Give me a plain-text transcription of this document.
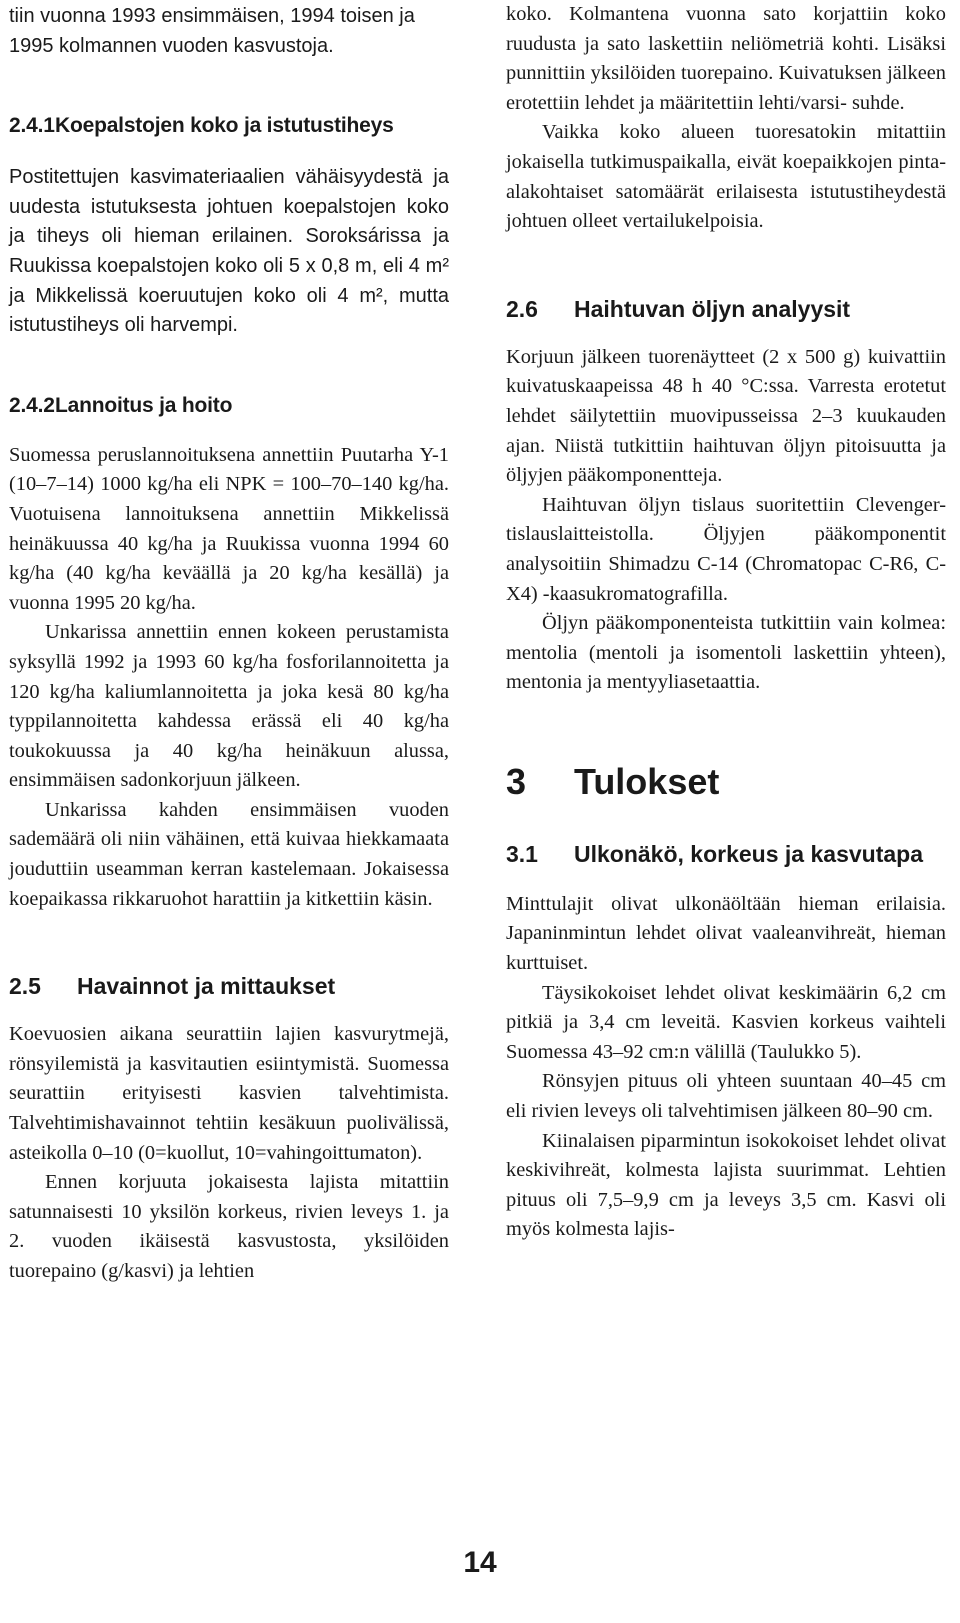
tiin vuonna 1993 ensimmäisen, 1994 toisen ja 1995 kolmannen vuoden kasvustoja.

2.4.1Koepalstojen koko ja istutustiheys

Postitettujen kasvimateriaalien vähäisyydestä ja uudesta istutuksesta johtuen koepalstojen koko ja tiheys oli hieman erilainen. Soroksárissa ja Ruukissa koepalstojen koko oli 5 x 0,8 m, eli 4 m² ja Mikkelissä koeruutujen koko oli 4 m², mutta istutustiheys oli harvempi.

2.4.2Lannoitus ja hoito

Suomessa peruslannoituksena annettiin Puutarha Y-1 (10–7–14) 1000 kg/ha eli NPK = 100–70–140 kg/ha. Vuotuisena lannoituksena annettiin Mikkelissä heinäkuussa 40 kg/ha ja Ruukissa vuonna 1994 60 kg/ha (40 kg/ha keväällä ja 20 kg/ha kesällä) ja vuonna 1995 20 kg/ha.

Unkarissa annettiin ennen kokeen perustamista syksyllä 1992 ja 1993 60 kg/ha fosforilannoitetta ja 120 kg/ha kaliumlannoitetta ja joka kesä 80 kg/ha typpilannoitetta kahdessa erässä eli 40 kg/ha toukokuussa ja 40 kg/ha heinäkuun alussa, ensimmäisen sadonkorjuun jälkeen.

Unkarissa kahden ensimmäisen vuoden sademäärä oli niin vähäinen, että kuivaa hiekkamaata jouduttiin useamman kerran kastelemaan. Jokaisessa koepaikassa rikkaruohot harattiin ja kitkettiin käsin.

2.5 Havainnot ja mittaukset

Koevuosien aikana seurattiin lajien kasvurytmejä, rönsyilemistä ja kasvitautien esiintymistä. Suomessa seurattiin erityisesti kasvien talvehtimista. Talvehtimishavainnot tehtiin kesäkuun puolivälissä, asteikolla 0–10 (0=kuollut, 10=vahingoittumaton).

Ennen korjuuta jokaisesta lajista mitattiin satunnaisesti 10 yksilön korkeus, rivien leveys 1. ja 2. vuoden ikäisestä kasvustosta, yksilöiden tuorepaino (g/kasvi) ja lehtien

koko. Kolmantena vuonna sato korjattiin koko ruudusta ja sato laskettiin neliömetriä kohti. Lisäksi punnittiin yksilöiden tuorepaino. Kuivatuksen jälkeen erotettiin lehdet ja määritettiin lehti/varsi- suhde.

Vaikka koko alueen tuoresatokin mitattiin jokaisella tutkimuspaikalla, eivät koepaikkojen pinta-alakohtaiset satomäärät erilaisesta istutustiheydestä johtuen olleet vertailukelpoisia.

2.6 Haihtuvan öljyn analyysit

Korjuun jälkeen tuorenäytteet (2 x 500 g) kuivattiin kuivatuskaapeissa 48 h 40 °C:ssa. Varresta erotetut lehdet säilytettiin muovipusseissa 2–3 kuukauden ajan. Niistä tutkittiin haihtuvan öljyn pitoisuutta ja öljyjen pääkomponentteja.

Haihtuvan öljyn tislaus suoritettiin Clevenger-tislauslaitteistolla. Öljyjen pääkomponentit analysoitiin Shimadzu C-14 (Chromatopac C-R6, C-X4) -kaasukromatografilla.

Öljyn pääkomponenteista tutkittiin vain kolmea: mentolia (mentoli ja isomentoli laskettiin yhteen), mentonia ja mentyyliasetaattia.

3 Tulokset
3.1 Ulkonäkö, korkeus ja kasvutapa

Minttulajit olivat ulkonäöltään hieman erilaisia. Japaninmintun lehdet olivat vaaleanvihreät, hieman kurttuiset.

Täysikokoiset lehdet olivat keskimäärin 6,2 cm pitkiä ja 3,4 cm leveitä. Kasvien korkeus vaihteli Suomessa 43–92 cm:n välillä (Taulukko 5).

Rönsyjen pituus oli yhteen suuntaan 40–45 cm eli rivien leveys oli talvehtimisen jälkeen 80–90 cm.

Kiinalaisen piparmintun isokokoiset lehdet olivat keskivihreät, kolmesta lajista suurimmat. Lehtien pituus oli 7,5–9,9 cm ja leveys 3,5 cm. Kasvi oli myös kolmesta lajis-

14
